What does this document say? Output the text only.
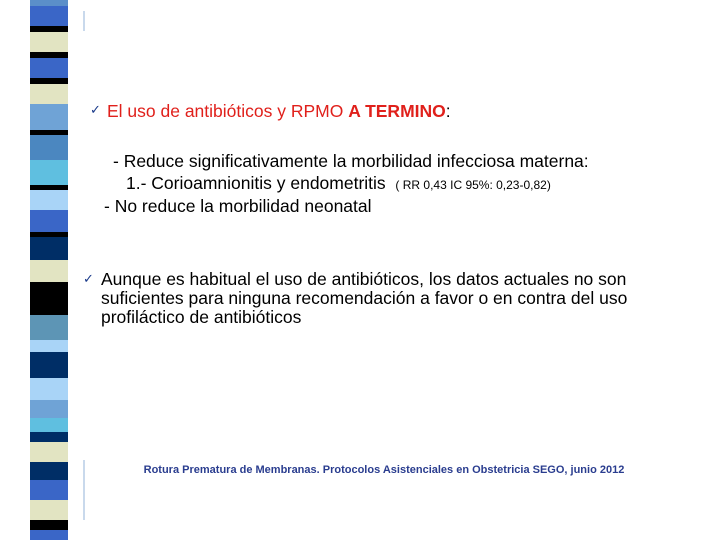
✓ El uso de antibióticos y RPMO A TERMINO:
- Reduce significativamente la morbilidad infecciosa materna:
1.- Corioamnionitis y endometritis ( RR 0,43 IC 95%: 0,23-0,82)
- No reduce la morbilidad neonatal
✓ Aunque es habitual el uso de antibióticos, los datos actuales no son suficientes para ninguna recomendación a favor o en contra del uso profiláctico de antibióticos
Rotura Prematura de Membranas. Protocolos Asistenciales en Obstetricia SEGO, junio 2012
